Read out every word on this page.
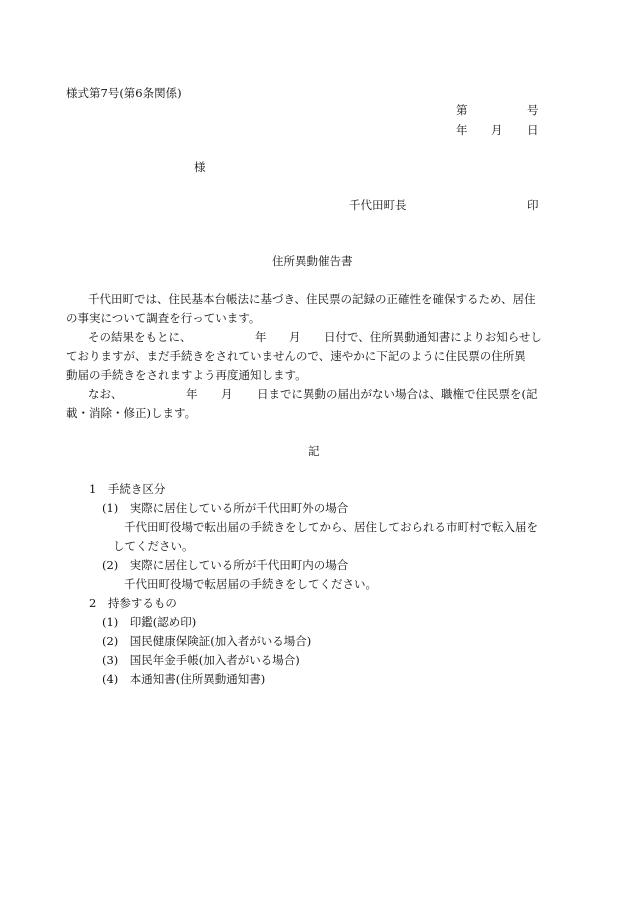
様式第7号(第6条関係)
第	号
年 月 日
様
千代田町長	印
住所異動催告書
千代田町では、住民基本台帳法に基づき、住民票の記録の正確性を確保するため、居住
の事実について調査を行っています。
その結果をもとに、	年 月 日付で、住所異動通知書によりお知らせし
ておりますが、まだ手続きをされていませんので、速やかに下記のように住民票の住所異
動届の手続きをされますよう再度通知します。
なお、	年 月 日までに異動の届出がない場合は、職権で住民票を(記
載・消除・修正)します。
記
1　手続き区分
(1)　実際に居住している所が千代田町外の場合
千代田町役場で転出届の手続きをしてから、居住しておられる市町村で転入届を
してください。
(2)　実際に居住している所が千代田町内の場合
千代田町役場で転居届の手続きをしてください。
2　持参するもの
(1)　印鑑(認め印)
(2)　国民健康保険証(加入者がいる場合)
(3)　国民年金手帳(加入者がいる場合)
(4)　本通知書(住所異動通知書)
